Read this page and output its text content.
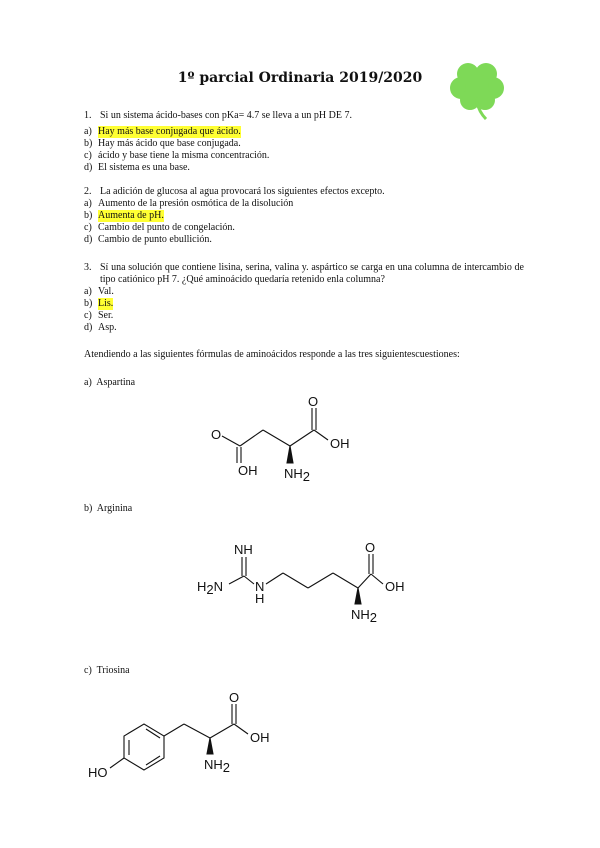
1º parcial Ordinaria 2019/2020
1. Si un sistema ácido-bases con pKa= 4.7 se lleva a un pH DE 7.
a) Hay más base conjugada que ácido.
b) Hay más ácido que base conjugada.
c) ácido y base tiene la misma concentración.
d) El sistema es una base.
2. La adición de glucosa al agua provocará los siguientes efectos excepto.
a) Aumento de la presión osmótica de la disolución
b) Aumenta de pH.
c) Cambio del punto de congelación.
d) Cambio de punto ebullición.
3. Sí una solución que contiene lisina, serina, valina y. aspártico se carga en una columna de intercambio de tipo catiónico pH 7. ¿Qué aminoácido quedaría retenido enla columna?
a) Val.
b) Lis.
c) Ser.
d) Asp.
Atendiendo a las siguientes fórmulas de aminoácidos responde a las tres siguientescuestiones:
a) Aspartina
O
O
OH
NH2
OH
b) Arginina
NH
H2N N
H
O
OH
NH2
c) Triosina
HO
O
OH
NH2
